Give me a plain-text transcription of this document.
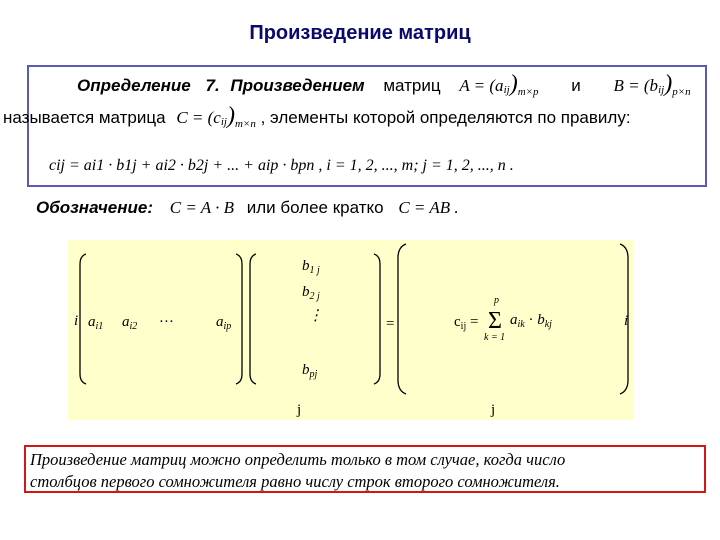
Произведение матриц
Определение 7. Произведением матриц $A = (aij)_{m\times p}$ и $B = (bij)_{p\times n}$
называется матрица $C = (cij)_{m\times n}$ , элементы которой определяются по правилу:
cij = ai1 · b1j + ai2 · b2j + ... + aip · bpn , i = 1, 2, ..., m; j = 1, 2, ..., n .
Обозначение: C = A · B или более кратко C = AB .
i $a_{i1}$ $a_{i2}$
…	$a_{ip}$
$b_{1 j}$
$b_{2 j}$
⋮
$b_{pj}$
=	$c_{ij}$ =
p
Σ
k = 1
$a_{ik} \cdot b_{kj}$	i
j	j
Произведение матриц можно определить только в том случае, когда число
столбцов первого сомножителя равно числу строк второго сомножителя.
